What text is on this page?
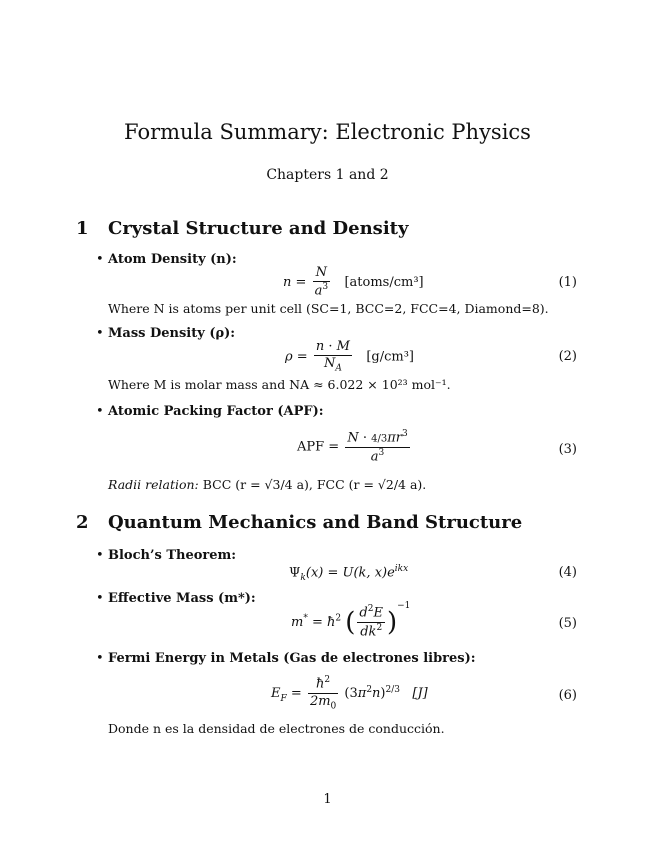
Formula Summary: Electronic Physics
Chapters 1 and 2
1 Crystal Structure and Density
• Atom Density (n):
$n = \frac{N}{a^3}$ [atoms/cm³]	(1)
Where N is atoms per unit cell (SC=1, BCC=2, FCC=4, Diamond=8).
• Mass Density (ρ):
$\rho = \frac{n \cdot M}{N_A} [g/cm^3]$	(2)
Where M is molar mass and NA ≈ 6.022 × 10²³ mol⁻¹.
• Atomic Packing Factor (APF):
APF = $\frac{N \cdot 4/3\pi r^3}{a^3}$	(3)
Radii relation: BCC (r = √3/4 a), FCC (r = √2/4 a).
2 Quantum Mechanics and Band Structure
• Bloch’s Theorem:
$\Psi_k(x) = U(k$, $x)e^{ikx}$	(4)
• Effective Mass (m*):
$m^* = ħ^2$ ( $\frac{d^2E}{dk^2} )^{-1}$
(5)
• Fermi Energy in Metals (Gas de electrones libres):
$E_F = \frac{ħ^2}{2m_0} (3\pi^2n)^{2/3}$ [J]	(6)
Donde n es la densidad de electrones de conducción.
1
